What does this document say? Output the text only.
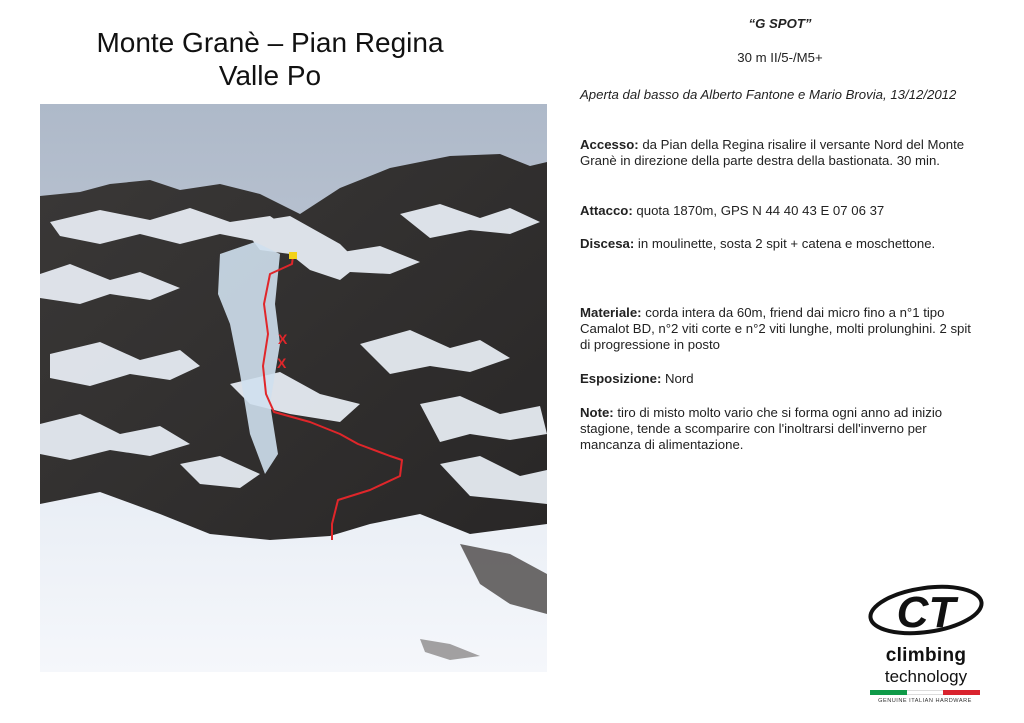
Monte Granè – Pian Regina
Valle Po
X
X
“G SPOT”
30 m II/5-/M5+
Aperta dal basso da Alberto Fantone e Mario Brovia, 13/12/2012
Accesso: da Pian della Regina risalire il versante Nord del Monte Granè in direzione della parte destra della bastionata. 30 min.
Attacco: quota 1870m, GPS N 44 40 43 E 07 06 37
Discesa: in moulinette, sosta 2 spit + catena e moschettone.
Materiale: corda intera da 60m, friend dai micro fino a n°1 tipo Camalot BD, n°2 viti corte e n°2 viti lunghe, molti prolunghini. 2 spit di progressione in posto
Esposizione: Nord
Note: tiro di misto molto vario che si forma ogni anno ad inizio stagione, tende a scomparire con l'inoltrarsi dell'inverno per mancanza di alimentazione.
CT
climbing
technology
GENUINE ITALIAN HARDWARE
